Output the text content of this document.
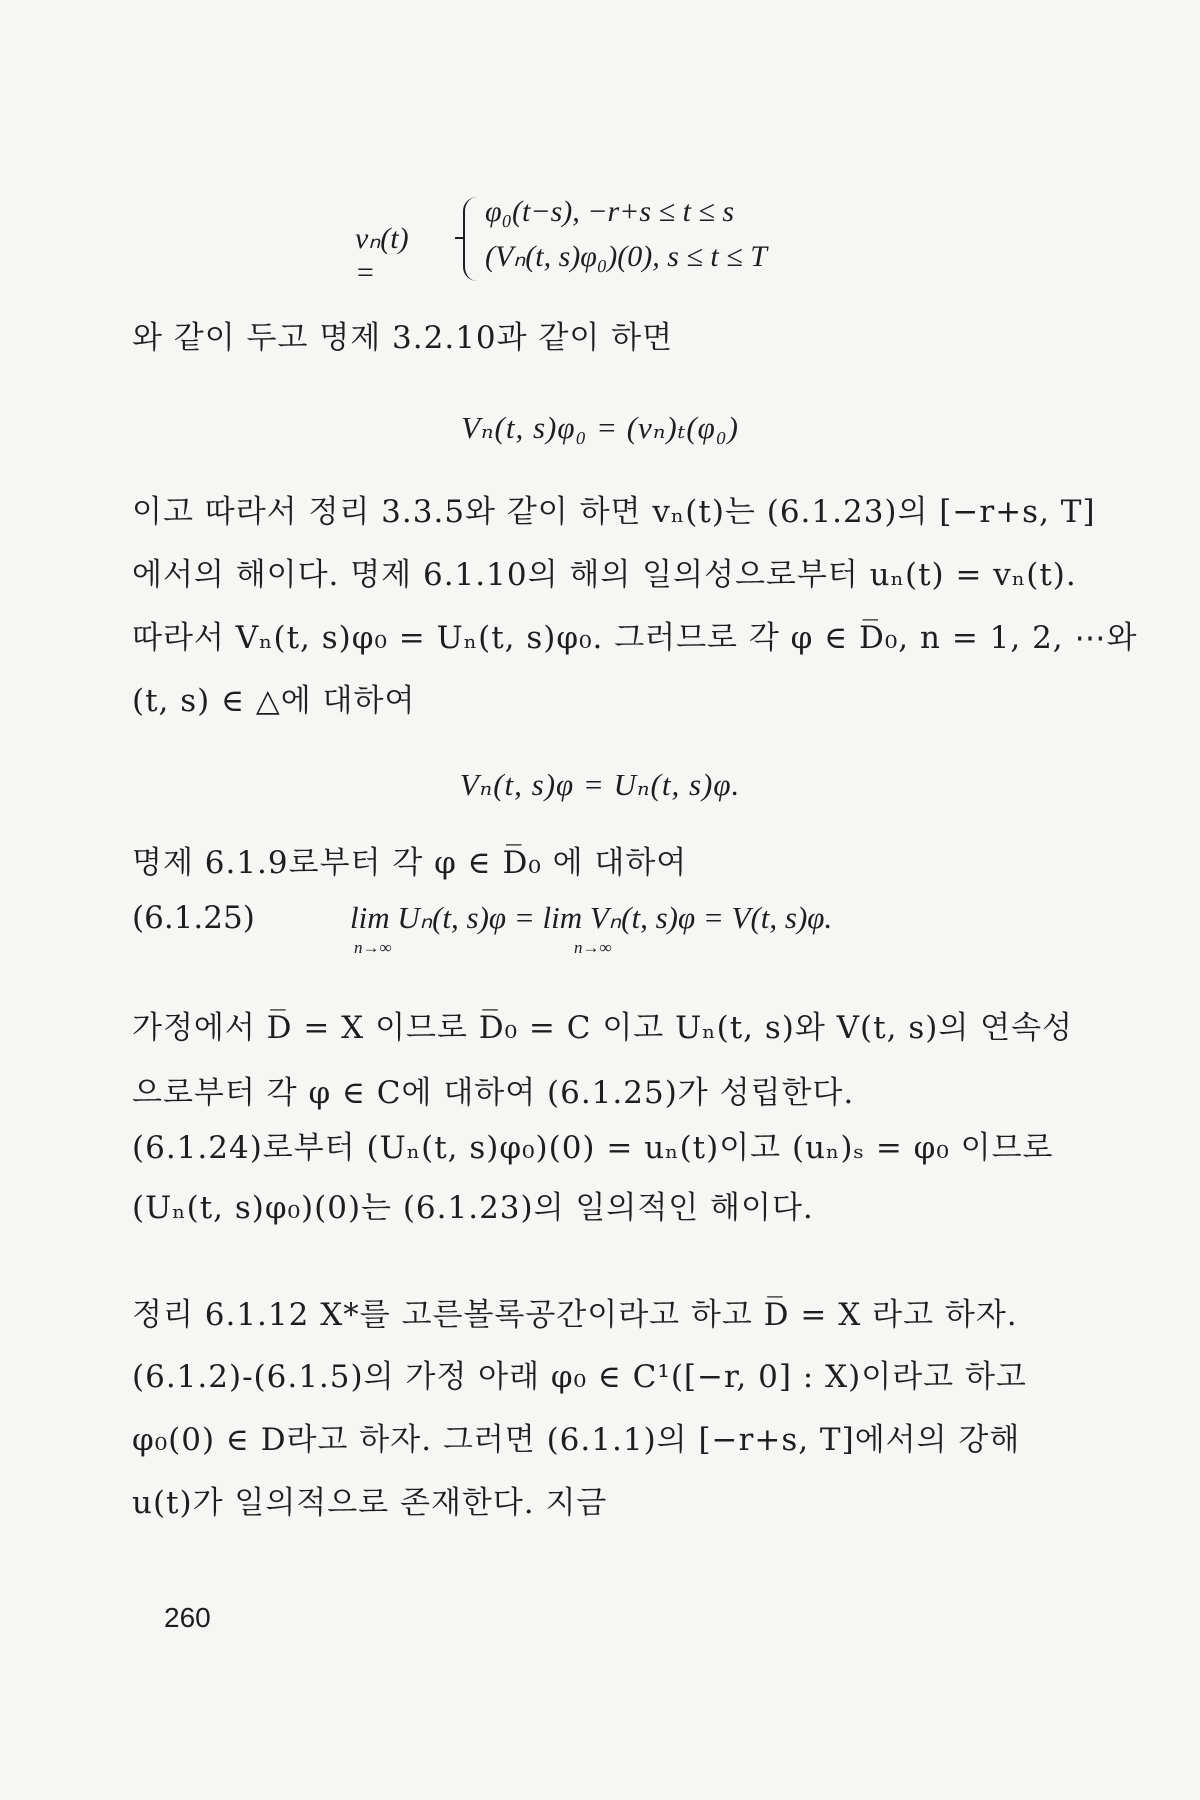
vₙ(t) =
φ₀(t−s), −r+s ≤ t ≤ s
(Vₙ(t, s)φ₀)(0), s ≤ t ≤ T
와 같이 두고 명제 3.2.10과 같이 하면
Vₙ(t, s)φ₀ = (vₙ)ₜ(φ₀)
이고 따라서 정리 3.3.5와 같이 하면 vₙ(t)는 (6.1.23)의 [−r+s, T]
에서의 해이다. 명제 6.1.10의 해의 일의성으로부터 uₙ(t) = vₙ(t).
따라서 Vₙ(t, s)φ₀ = Uₙ(t, s)φ₀. 그러므로 각 φ ∈ D̅₀, n = 1, 2, ⋯와
(t, s) ∈ △에 대하여
Vₙ(t, s)φ = Uₙ(t, s)φ.
명제 6.1.9로부터 각 φ ∈ D̅₀ 에 대하여
(6.1.25)	lim Uₙ(t, s)φ = lim Vₙ(t, s)φ = V(t, s)φ.
n→∞	n→∞
가정에서 D̅ = X 이므로 D̅₀ = C 이고 Uₙ(t, s)와 V(t, s)의 연속성
으로부터 각 φ ∈ C에 대하여 (6.1.25)가 성립한다.
(6.1.24)로부터 (Uₙ(t, s)φ₀)(0) = uₙ(t)이고 (uₙ)ₛ = φ₀ 이므로
(Uₙ(t, s)φ₀)(0)는 (6.1.23)의 일의적인 해이다.
정리 6.1.12 X*를 고른볼록공간이라고 하고 D̅ = X 라고 하자.
(6.1.2)-(6.1.5)의 가정 아래 φ₀ ∈ C¹([−r, 0] : X)이라고 하고
φ₀(0) ∈ D라고 하자. 그러면 (6.1.1)의 [−r+s, T]에서의 강해
u(t)가 일의적으로 존재한다. 지금
260
